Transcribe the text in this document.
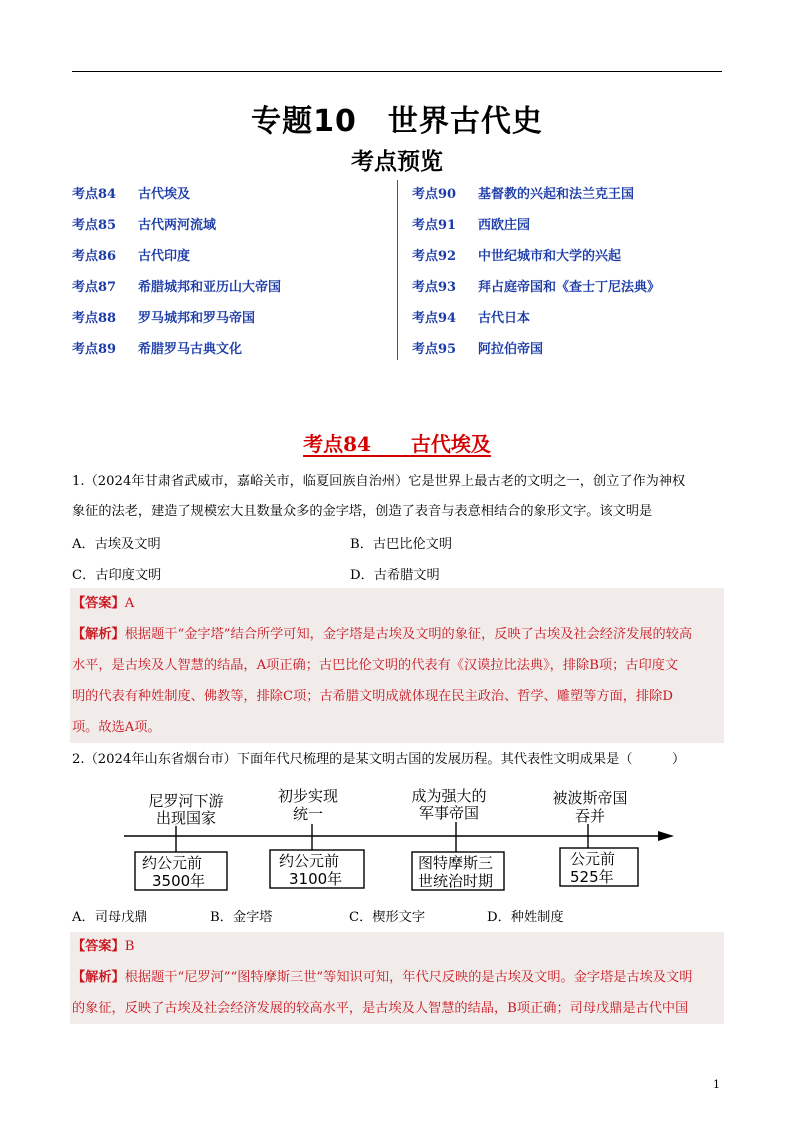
专题10　世界古代史
考点预览
考点84	古代埃及
考点85	古代两河流域
考点86	古代印度
考点87	希腊城邦和亚历山大帝国
考点88	罗马城邦和罗马帝国
考点89	希腊罗马古典文化
考点90	基督教的兴起和法兰克王国
考点91	西欧庄园
考点92	中世纪城市和大学的兴起
考点93	拜占庭帝国和《查士丁尼法典》
考点94	古代日本
考点95	阿拉伯帝国
考点84　　 古代埃及
1.（2024年甘肃省武威市，嘉峪关市，临夏回族自治州）它是世界上最古老的文明之一，创立了作为神权
象征的法老，建造了规模宏大且数量众多的金字塔，创造了表音与表意相结合的象形文字。该文明是
A．古埃及文明	B．古巴比伦文明
C．古印度文明	D．古希腊文明
【答案】A
【解析】根据题干“金字塔”结合所学可知，金字塔是古埃及文明的象征，反映了古埃及社会经济发展的较高
水平，是古埃及人智慧的结晶，A项正确；古巴比伦文明的代表有《汉谟拉比法典》，排除B项；古印度文
明的代表有种姓制度、佛教等，排除C项；古希腊文明成就体现在民主政治、哲学、雕塑等方面，排除D
项。故选A项。
2.（2024年山东省烟台市）下面年代尺梳理的是某文明古国的发展历程。其代表性文明成果是（　　　）
尼罗河下游
出现国家
约公元前
3500年
初步实现
统一
约公元前
3100年
成为强大的
军事帝国
图特摩斯三
世统治时期
被波斯帝国
吞并
公元前
525年
A．司母戊鼎	B．金字塔	C．楔形文字	D．种姓制度
【答案】B
【解析】根据题干“尼罗河”“图特摩斯三世”等知识可知，年代尺反映的是古埃及文明。金字塔是古埃及文明
的象征，反映了古埃及社会经济发展的较高水平，是古埃及人智慧的结晶，B项正确；司母戊鼎是古代中国
1
